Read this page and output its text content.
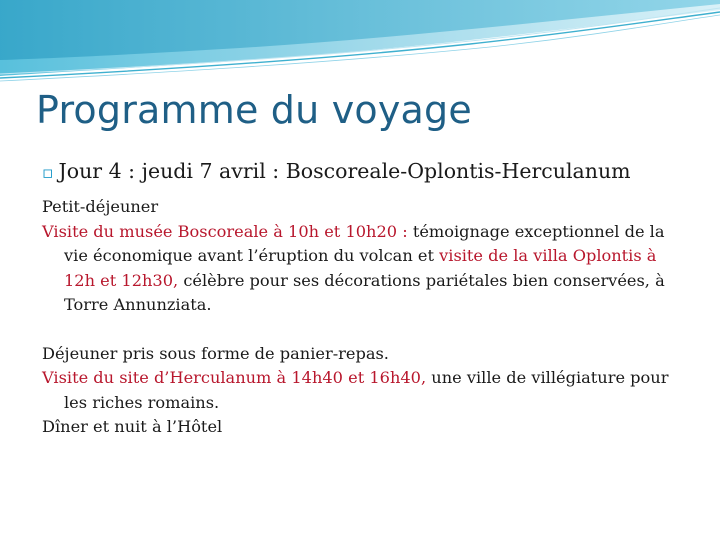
Programme du voyage
▫ Jour 4 : jeudi 7 avril : Boscoreale-Oplontis-Herculanum
Petit-déjeuner
Visite du musée Boscoreale à 10h et 10h20 : témoignage exceptionnel de la vie économique avant l’éruption du volcan et visite de la villa Oplontis à 12h et 12h30, célèbre pour ses décorations pariétales bien conservées, à Torre Annunziata.
Déjeuner pris sous forme de panier-repas.
Visite du site d’Herculanum à 14h40 et 16h40, une ville de villégiature pour les riches romains.
Dîner et nuit à l’Hôtel
